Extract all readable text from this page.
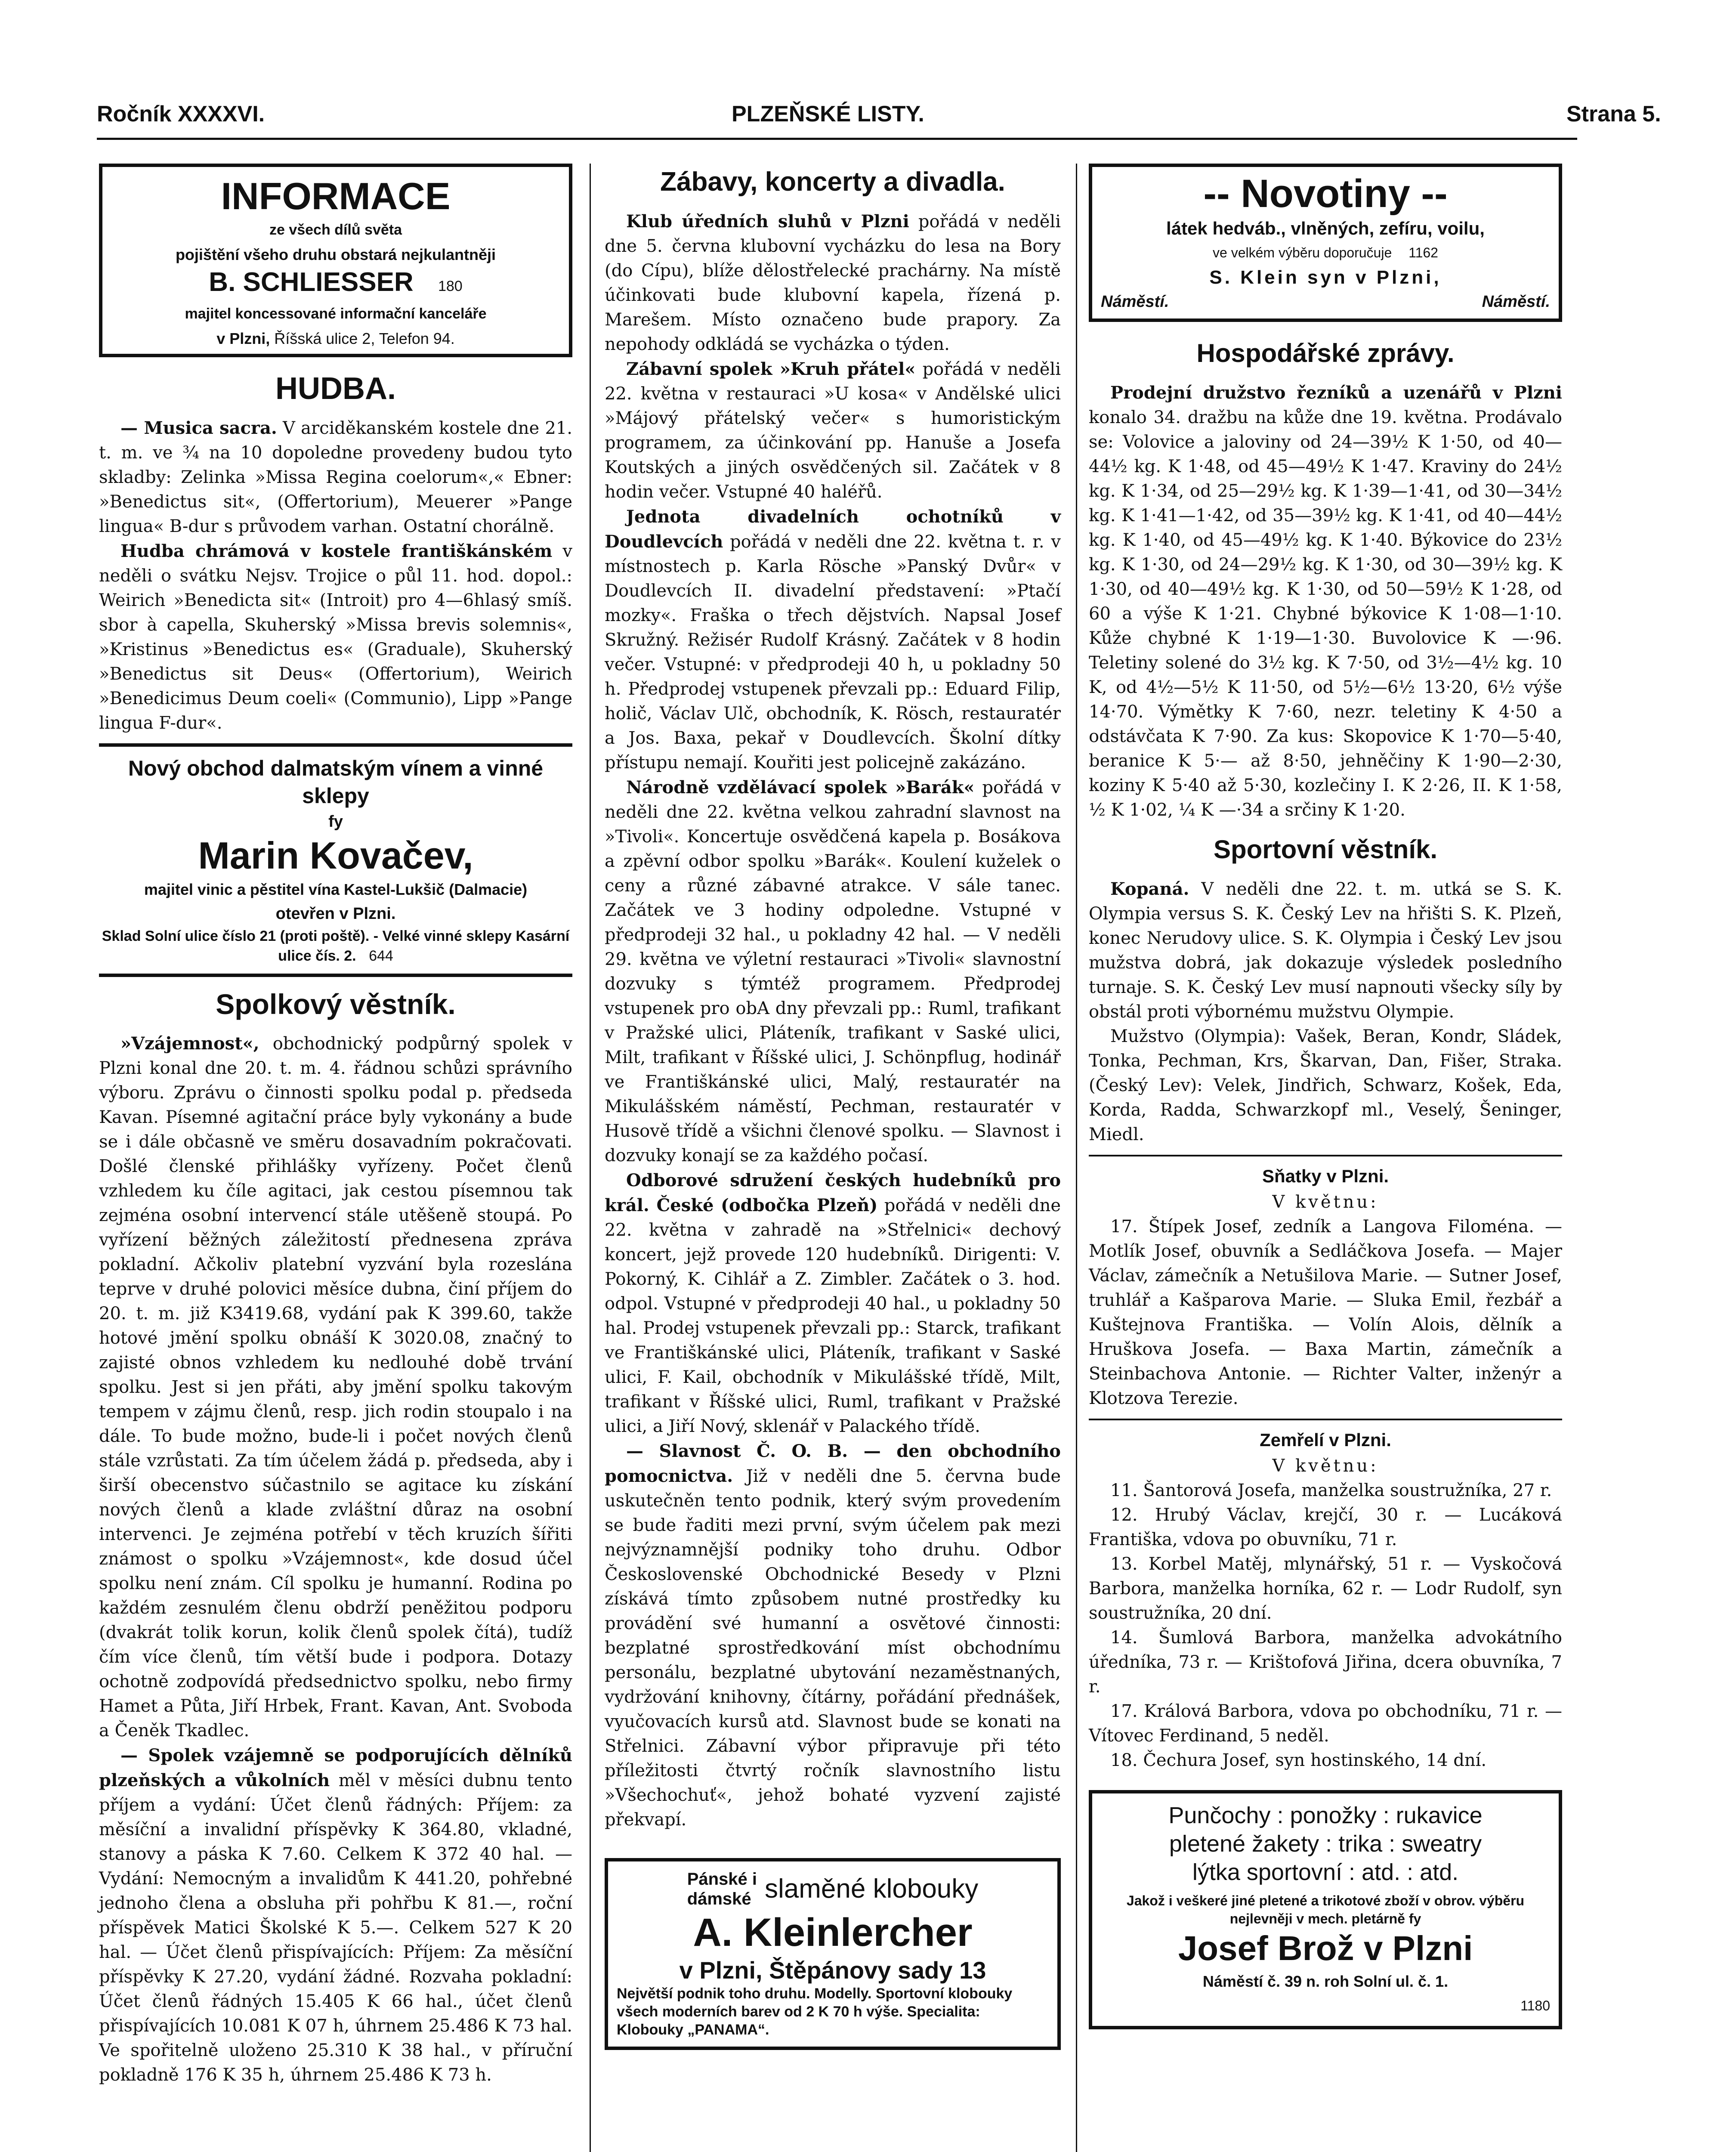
Ročník XXXXVI.	PLZEŇSKÉ LISTY.	Strana 5.
INFORMACE
ze všech dílů světa
pojištění všeho druhu obstará nejkulantněji
B. SCHLIESSER 180
majitel koncessované informační kanceláře
v Plzni, Říšská ulice 2, Telefon 94.
HUDBA.

— Musica sacra. V arciděkanském kostele dne 21. t. m. ve ¾ na 10 dopoledne provedeny budou tyto skladby: Zelinka »Missa Regina coelorum«,« Ebner: »Benedictus sit«, (Offertorium), Meuerer »Pange lingua« B-dur s průvodem varhan. Ostatní chorálně.

Hudba chrámová v kostele františkánském v neděli o svátku Nejsv. Trojice o půl 11. hod. dopol.: Weirich »Benedicta sit« (Introit) pro 4—6hlasý smíš. sbor à capella, Skuherský »Missa brevis solemnis«, »Kristinus »Benedictus es« (Graduale), Skuherský »Benedictus sit Deus« (Offertorium), Weirich »Benedicimus Deum coeli« (Communio), Lipp »Pange lingua F-dur«.

Nový obchod dalmatským vínem a vinné sklepy
fy
Marin Kovačev,
majitel vinic a pěstitel vína Kastel-Lukšič (Dalmacie)
otevřen v Plzni.
Sklad Solní ulice číslo 21 (proti poště). - Velké vinné sklepy Kasární ulice čís. 2. 644
Spolkový věstník.

»Vzájemnost«, obchodnický podpůrný spolek v Plzni konal dne 20. t. m. 4. řádnou schůzi správního výboru. Zprávu o činnosti spolku podal p. předseda Kavan. Písemné agitační práce byly vykonány a bude se i dále občasně ve směru dosavadním pokračovati. Došlé členské přihlášky vyřízeny. Počet členů vzhledem ku číle agitaci, jak cestou písemnou tak zejména osobní intervencí stále utěšeně stoupá. Po vyřízení běžných záležitostí přednesena zpráva pokladní. Ačkoliv platební vyzvání byla rozeslána teprve v druhé polovici měsíce dubna, činí příjem do 20. t. m. již K3419.68, vydání pak K 399.60, takže hotové jmění spolku obnáší K 3020.08, značný to zajisté obnos vzhledem ku nedlouhé době trvání spolku. Jest si jen přáti, aby jmění spolku takovým tempem v zájmu členů, resp. jich rodin stoupalo i na dále. To bude možno, bude-li i počet nových členů stále vzrůstati. Za tím účelem žádá p. předseda, aby i širší obecenstvo súčastnilo se agitace ku získání nových členů a klade zvláštní důraz na osobní intervenci. Je zejména potřebí v těch kruzích šířiti známost o spolku »Vzájemnost«, kde dosud účel spolku není znám. Cíl spolku je humanní. Rodina po každém zesnulém členu obdrží peněžitou podporu (dvakrát tolik korun, kolik členů spolek čítá), tudíž čím více členů, tím větší bude i podpora. Dotazy ochotně zodpovídá předsednictvo spolku, nebo firmy Hamet a Půta, Jiří Hrbek, Frant. Kavan, Ant. Svoboda a Čeněk Tkadlec.

— Spolek vzájemně se podporujících dělníků plzeňských a vůkolních měl v měsíci dubnu tento příjem a vydání: Účet členů řádných: Příjem: za měsíční a invalidní příspěvky K 364.80, vkladné, stanovy a páska K 7.60. Celkem K 372 40 hal. — Vydání: Nemocným a invalidům K 441.20, pohřebné jednoho člena a obsluha při pohřbu K 81.—, roční příspěvek Matici Školské K 5.—. Celkem 527 K 20 hal. — Účet členů přispívajících: Příjem: Za měsíční příspěvky K 27.20, vydání žádné. Rozvaha pokladní: Účet členů řádných 15.405 K 66 hal., účet členů přispívajících 10.081 K 07 h, úhrnem 25.486 K 73 hal. Ve spořitelně uloženo 25.310 K 38 hal., v příruční pokladně 176 K 35 h, úhrnem 25.486 K 73 h.

Zábavy, koncerty a divadla.

Klub úředních sluhů v Plzni pořádá v neděli dne 5. června klubovní vycházku do lesa na Bory (do Cípu), blíže dělostřelecké prachárny. Na místě účinkovati bude klubovní kapela, řízená p. Marešem. Místo označeno bude prapory. Za nepohody odkládá se vycházka o týden.

Zábavní spolek »Kruh přátel« pořádá v neděli 22. května v restauraci »U kosa« v Andělské ulici »Májový přátelský večer« s humoristickým programem, za účinkování pp. Hanuše a Josefa Koutských a jiných osvědčených sil. Začátek v 8 hodin večer. Vstupné 40 haléřů.

Jednota divadelních ochotníků v Doudlevcích pořádá v neděli dne 22. května t. r. v místnostech p. Karla Rösche »Panský Dvůr« v Doudlevcích II. divadelní představení: »Ptačí mozky«. Fraška o třech dějstvích. Napsal Josef Skružný. Režisér Rudolf Krásný. Začátek v 8 hodin večer. Vstupné: v předprodeji 40 h, u pokladny 50 h. Předprodej vstupenek převzali pp.: Eduard Filip, holič, Václav Ulč, obchodník, K. Rösch, restauratér a Jos. Baxa, pekař v Doudlevcích. Školní dítky přístupu nemají. Kouřiti jest policejně zakázáno.

Národně vzdělávací spolek »Barák« pořádá v neděli dne 22. května velkou zahradní slavnost na »Tivoli«. Koncertuje osvědčená kapela p. Bosákova a zpěvní odbor spolku »Barák«. Koulení kuželek o ceny a různé zábavné atrakce. V sále tanec. Začátek ve 3 hodiny odpoledne. Vstupné v předprodeji 32 hal., u pokladny 42 hal. — V neděli 29. května ve výletní restauraci »Tivoli« slavnostní dozvuky s týmtéž programem. Předprodej vstupenek pro obA dny převzali pp.: Ruml, trafikant v Pražské ulici, Pláteník, trafikant v Saské ulici, Milt, trafikant v Říšské ulici, J. Schönpflug, hodinář ve Františkánské ulici, Malý, restauratér na Mikulášském náměstí, Pechman, restauratér v Husově třídě a všichni členové spolku. — Slavnost i dozvuky konají se za každého počasí.

Odborové sdružení českých hudebníků pro král. České (odbočka Plzeň) pořádá v neděli dne 22. května v zahradě na »Střelnici« dechový koncert, jejž provede 120 hudebníků. Dirigenti: V. Pokorný, K. Cihlář a Z. Zimbler. Začátek o 3. hod. odpol. Vstupné v předprodeji 40 hal., u pokladny 50 hal. Prodej vstupenek převzali pp.: Starck, trafikant ve Františkánské ulici, Pláteník, trafikant v Saské ulici, F. Kail, obchodník v Mikulášské třídě, Milt, trafikant v Říšské ulici, Ruml, trafikant v Pražské ulici, a Jiří Nový, sklenář v Palackého třídě.

— Slavnost Č. O. B. — den obchodního pomocnictva. Již v neděli dne 5. června bude uskutečněn tento podnik, který svým provedením se bude řaditi mezi první, svým účelem pak mezi nejvýznamnější podniky toho druhu. Odbor Československé Obchodnické Besedy v Plzni získává tímto způsobem nutné prostředky ku provádění své humanní a osvětové činnosti: bezplatné sprostředkování míst obchodnímu personálu, bezplatné ubytování nezaměstnaných, vydržování knihovny, čítárny, pořádání přednášek, vyučovacích kursů atd. Slavnost bude se konati na Střelnici. Zábavní výbor připravuje při této příležitosti čtvrtý ročník slavnostního listu »Všechochuť«, jehož bohaté vyzvení zajisté překvapí.

Pánské i
dámské slaměné klobouky
A. Kleinlercher
v Plzni, Štěpánovy sady 13
Největší podnik toho druhu. Modelly. Sportovní klobouky všech moderních barev od 2 K 70 h výše. Specialita: Klobouky „PANAMA“.
-- Novotiny --
látek hedváb., vlněných, zefíru, voilu,
ve velkém výběru doporučuje 1162
S. Klein syn v Plzni,
Náměstí.	Náměstí.
Hospodářské zprávy.

Prodejní družstvo řezníků a uzenářů v Plzni konalo 34. dražbu na kůže dne 19. května. Prodávalo se: Volovice a jaloviny od 24—39½ K 1·50, od 40—44½ kg. K 1·48, od 45—49½ K 1·47. Kraviny do 24½ kg. K 1·34, od 25—29½ kg. K 1·39—1·41, od 30—34½ kg. K 1·41—1·42, od 35—39½ kg. K 1·41, od 40—44½ kg. K 1·40, od 45—49½ kg. K 1·40. Býkovice do 23½ kg. K 1·30, od 24—29½ kg. K 1·30, od 30—39½ kg. K 1·30, od 40—49½ kg. K 1·30, od 50—59½ K 1·28, od 60 a výše K 1·21. Chybné býkovice K 1·08—1·10. Kůže chybné K 1·19—1·30. Buvolovice K —·96. Teletiny solené do 3½ kg. K 7·50, od 3½—4½ kg. 10 K, od 4½—5½ K 11·50, od 5½—6½ 13·20, 6½ výše 14·70. Výmětky K 7·60, nezr. teletiny K 4·50 a odstávčata K 7·90. Za kus: Skopovice K 1·70—5·40, beranice K 5·— až 8·50, jehněčiny K 1·90—2·30, koziny K 5·40 až 5·30, kozlečiny I. K 2·26, II. K 1·58, ½ K 1·02, ¼ K —·34 a srčiny K 1·20.

Sportovní věstník.

Kopaná. V neděli dne 22. t. m. utká se S. K. Olympia versus S. K. Český Lev na hřišti S. K. Plzeň, konec Nerudovy ulice. S. K. Olympia i Český Lev jsou mužstva dobrá, jak dokazuje výsledek posledního turnaje. S. K. Český Lev musí napnouti všecky síly by obstál proti výbornému mužstvu Olympie.

Mužstvo (Olympia): Vašek, Beran, Kondr, Sládek, Tonka, Pechman, Krs, Škarvan, Dan, Fišer, Straka. (Český Lev): Velek, Jindřich, Schwarz, Košek, Eda, Korda, Radda, Schwarzkopf ml., Veselý, Šeninger, Miedl.

Sňatky v Plzni.
V květnu:

17. Štípek Josef, zedník a Langova Filoména. — Motlík Josef, obuvník a Sedláčkova Josefa. — Majer Václav, zámečník a Netušilova Marie. — Sutner Josef, truhlář a Kašparova Marie. — Sluka Emil, řezbář a Kuštejnova Františka. — Volín Alois, dělník a Hruškova Josefa. — Baxa Martin, zámečník a Steinbachova Antonie. — Richter Valter, inženýr a Klotzova Terezie.

Zemřelí v Plzni.
V květnu:

11. Šantorová Josefa, manželka soustružníka, 27 r.

12. Hrubý Václav, krejčí, 30 r. — Lucáková Františka, vdova po obuvníku, 71 r.

13. Korbel Matěj, mlynářský, 51 r. — Vyskočová Barbora, manželka horníka, 62 r. — Lodr Rudolf, syn soustružníka, 20 dní.

14. Šumlová Barbora, manželka advokátního úředníka, 73 r. — Krištofová Jiřina, dcera obuvníka, 7 r.

17. Králová Barbora, vdova po obchodníku, 71 r. — Vítovec Ferdinand, 5 neděl.

18. Čechura Josef, syn hostinského, 14 dní.

Punčochy : ponožky : rukavice
pletené žakety : trika : sweatry
lýtka sportovní : atd. : atd.
Jakož i veškeré jiné pletené a trikotové zboží v obrov. výběru nejlevněji v mech. pletárně fy
Josef Brož v Plzni
Náměstí č. 39 n. roh Solní ul. č. 1.
1180
